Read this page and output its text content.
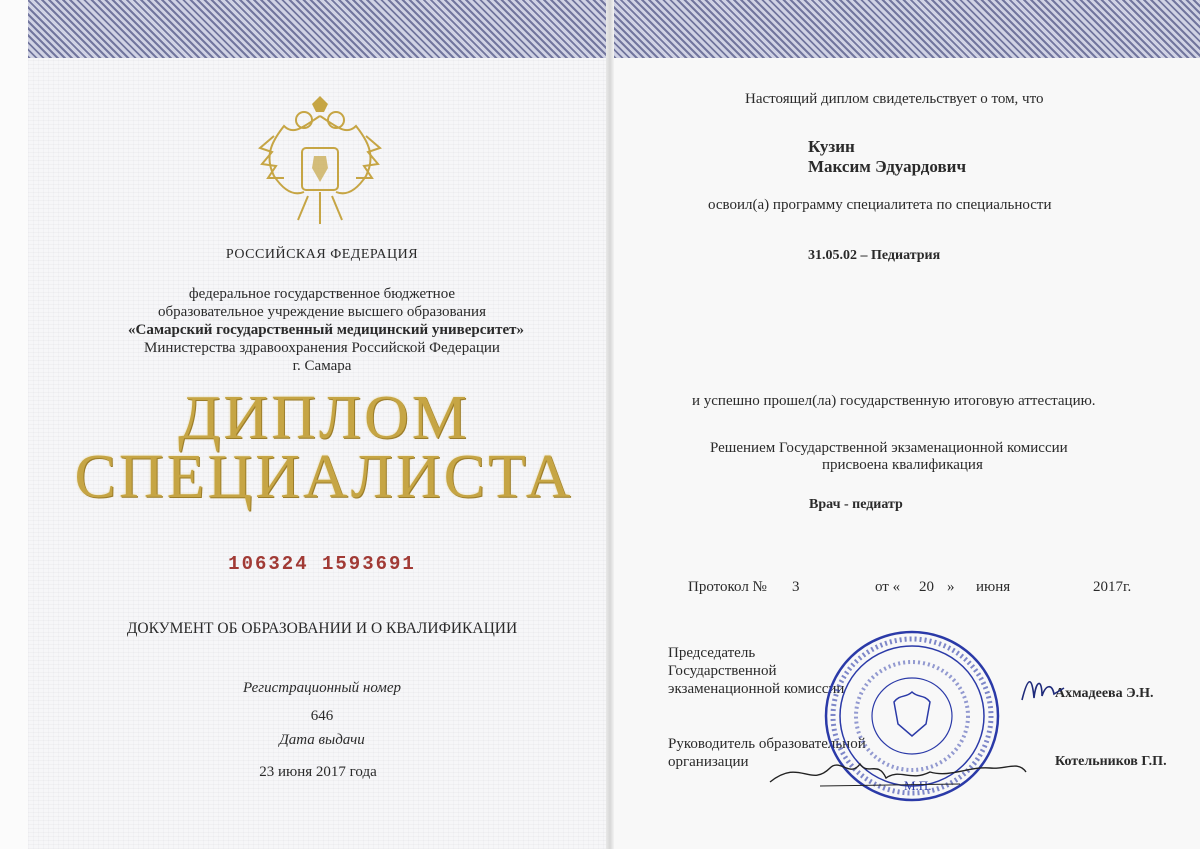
РОССИЙСКАЯ ФЕДЕРАЦИЯ
федеральное государственное бюджетное
образовательное учреждение высшего образования
«Самарский государственный медицинский университет»
Министерства здравоохранения Российской Федерации
г. Самара
ДИПЛОМ
СПЕЦИАЛИСТА
106324 1593691
ДОКУМЕНТ ОБ ОБРАЗОВАНИИ И О КВАЛИФИКАЦИИ
Регистрационный номер
646
Дата выдачи
23 июня 2017 года
Настоящий диплом свидетельствует о том, что
Кузин
Максим Эдуардович
освоил(а) программу специалитета по специальности
31.05.02 – Педиатрия
и успешно прошел(ла) государственную итоговую аттестацию.
Решением Государственной экзаменационной комиссии
присвоена квалификация
Врач - педиатр
Протокол № 3	от « 20 » июня	2017г.
Председатель
Государственной
экзаменационной комиссии	Ахмадеева Э.Н.
Руководитель образовательной
организации	Котельников Г.П.
М.П.
